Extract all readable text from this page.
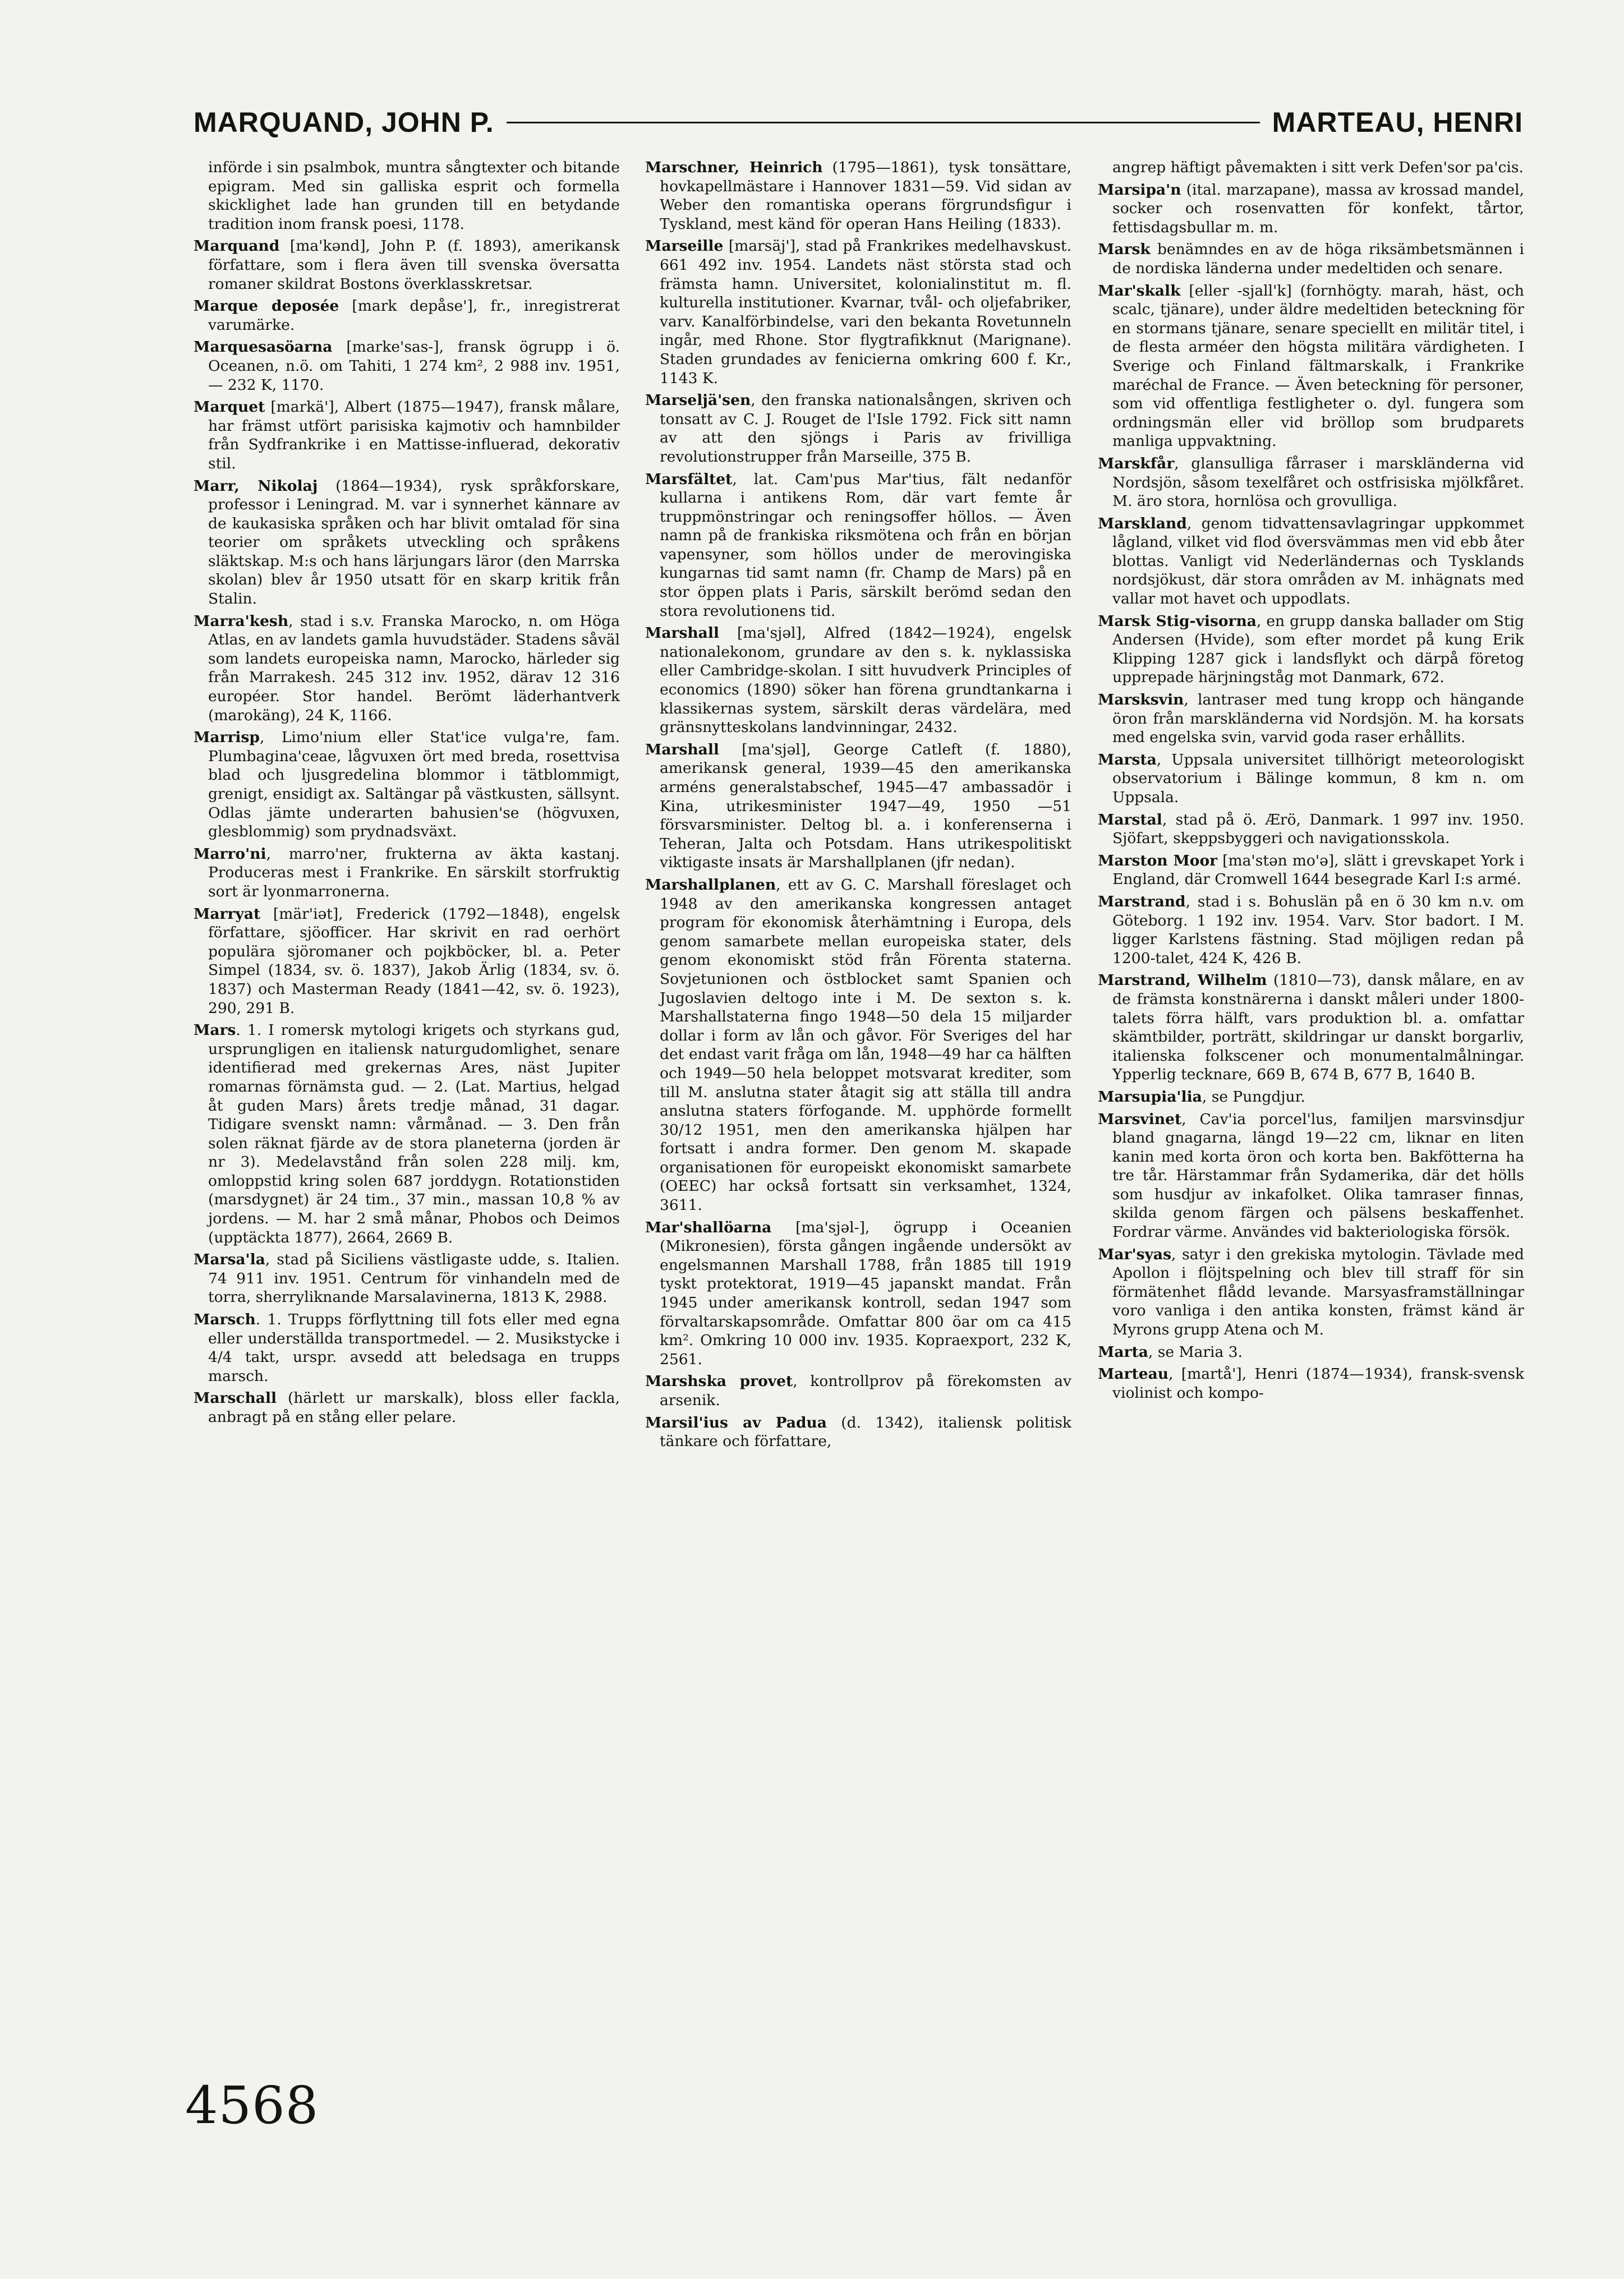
MARQUAND, JOHN P.	MARTEAU, HENRI

införde i sin psalmbok, muntra sångtexter och bitande epigram. Med sin galliska esprit och formella skicklighet lade han grunden till en betydande tradition inom fransk poesi, 1178.

Marquand [ma'kənd], John P. (f. 1893), amerikansk författare, som i flera även till svenska översatta romaner skildrat Bostons överklasskretsar.

Marque deposée [mark depåse'], fr., inregistrerat varumärke.

Marquesasöarna [marke'sas-], fransk ögrupp i ö. Oceanen, n.ö. om Tahiti, 1 274 km², 2 988 inv. 1951, — 232 K, 1170.

Marquet [markä'], Albert (1875—1947), fransk målare, har främst utfört parisiska kajmotiv och hamnbilder från Sydfrankrike i en Mattisse-influerad, dekorativ stil.

Marr, Nikolaj (1864—1934), rysk språkforskare, professor i Leningrad. M. var i synnerhet kännare av de kaukasiska språken och har blivit omtalad för sina teorier om språkets utveckling och språkens släktskap. M:s och hans lärjungars läror (den Marrska skolan) blev år 1950 utsatt för en skarp kritik från Stalin.

Marra'kesh, stad i s.v. Franska Marocko, n. om Höga Atlas, en av landets gamla huvudstäder. Stadens såväl som landets europeiska namn, Marocko, härleder sig från Marrakesh. 245 312 inv. 1952, därav 12 316 européer. Stor handel. Berömt läderhantverk (marokäng), 24 K, 1166.

Marrisp, Limo'nium eller Stat'ice vulga're, fam. Plumbagina'ceae, lågvuxen ört med breda, rosettvisa blad och ljusgredelina blommor i tätblommigt, grenigt, ensidigt ax. Saltängar på västkusten, sällsynt. Odlas jämte underarten bahusien'se (högvuxen, glesblommig) som prydnadsväxt.

Marro'ni, marro'ner, frukterna av äkta kastanj. Produceras mest i Frankrike. En särskilt storfruktig sort är lyonmarronerna.

Marryat [mär'iət], Frederick (1792—1848), engelsk författare, sjöofficer. Har skrivit en rad oerhört populära sjöromaner och pojkböcker, bl. a. Peter Simpel (1834, sv. ö. 1837), Jakob Ärlig (1834, sv. ö. 1837) och Masterman Ready (1841—42, sv. ö. 1923), 290, 291 B.

Mars. 1. I romersk mytologi krigets och styrkans gud, ursprungligen en italiensk naturgudomlighet, senare identifierad med grekernas Ares, näst Jupiter romarnas förnämsta gud. — 2. (Lat. Martius, helgad åt guden Mars) årets tredje månad, 31 dagar. Tidigare svenskt namn: vårmånad. — 3. Den från solen räknat fjärde av de stora planeterna (jorden är nr 3). Medelavstånd från solen 228 milj. km, omloppstid kring solen 687 jorddygn. Rotationstiden (marsdygnet) är 24 tim., 37 min., massan 10,8 % av jordens. — M. har 2 små månar, Phobos och Deimos (upptäckta 1877), 2664, 2669 B.

Marsa'la, stad på Siciliens västligaste udde, s. Italien. 74 911 inv. 1951. Centrum för vinhandeln med de torra, sherryliknande Marsalavinerna, 1813 K, 2988.

Marsch. 1. Trupps förflyttning till fots eller med egna eller underställda transportmedel. — 2. Musikstycke i 4/4 takt, urspr. avsedd att beledsaga en trupps marsch.

Marschall (härlett ur marskalk), bloss eller fackla, anbragt på en stång eller pelare.

Marschner, Heinrich (1795—1861), tysk tonsättare, hovkapellmästare i Hannover 1831—59. Vid sidan av Weber den romantiska operans förgrundsfigur i Tyskland, mest känd för operan Hans Heiling (1833).

Marseille [marsäj'], stad på Frankrikes medelhavskust. 661 492 inv. 1954. Landets näst största stad och främsta hamn. Universitet, kolonialinstitut m. fl. kulturella institutioner. Kvarnar, tvål- och oljefabriker, varv. Kanalförbindelse, vari den bekanta Rovetunneln ingår, med Rhone. Stor flygtrafikknut (Marignane). Staden grundades av fenicierna omkring 600 f. Kr., 1143 K.

Marseljä'sen, den franska nationalsången, skriven och tonsatt av C. J. Rouget de l'Isle 1792. Fick sitt namn av att den sjöngs i Paris av frivilliga revolutionstrupper från Marseille, 375 B.

Marsfältet, lat. Cam'pus Mar'tius, fält nedanför kullarna i antikens Rom, där vart femte år truppmönstringar och reningsoffer höllos. — Även namn på de frankiska riksmötena och från en början vapensyner, som höllos under de merovingiska kungarnas tid samt namn (fr. Champ de Mars) på en stor öppen plats i Paris, särskilt berömd sedan den stora revolutionens tid.

Marshall [ma'sjəl], Alfred (1842—1924), engelsk nationalekonom, grundare av den s. k. nyklassiska eller Cambridge-skolan. I sitt huvudverk Principles of economics (1890) söker han förena grundtankarna i klassikernas system, särskilt deras värdelära, med gränsnytteskolans landvinningar, 2432.

Marshall [ma'sjəl], George Catleft (f. 1880), amerikansk general, 1939—45 den amerikanska arméns generalstabschef, 1945—47 ambassadör i Kina, utrikesminister 1947—49, 1950 —51 försvarsminister. Deltog bl. a. i konferenserna i Teheran, Jalta och Potsdam. Hans utrikespolitiskt viktigaste insats är Marshallplanen (jfr nedan).

Marshallplanen, ett av G. C. Marshall föreslaget och 1948 av den amerikanska kongressen antaget program för ekonomisk återhämtning i Europa, dels genom samarbete mellan europeiska stater, dels genom ekonomiskt stöd från Förenta staterna. Sovjetunionen och östblocket samt Spanien och Jugoslavien deltogo inte i M. De sexton s. k. Marshallstaterna fingo 1948—50 dela 15 miljarder dollar i form av lån och gåvor. För Sveriges del har det endast varit fråga om lån, 1948—49 har ca hälften och 1949—50 hela beloppet motsvarat krediter, som till M. anslutna stater åtagit sig att ställa till andra anslutna staters förfogande. M. upphörde formellt 30/12 1951, men den amerikanska hjälpen har fortsatt i andra former. Den genom M. skapade organisationen för europeiskt ekonomiskt samarbete (OEEC) har också fortsatt sin verksamhet, 1324, 3611.

Mar'shallöarna [ma'sjəl-], ögrupp i Oceanien (Mikronesien), första gången ingående undersökt av engelsmannen Marshall 1788, från 1885 till 1919 tyskt protektorat, 1919—45 japanskt mandat. Från 1945 under amerikansk kontroll, sedan 1947 som förvaltarskapsområde. Omfattar 800 öar om ca 415 km². Omkring 10 000 inv. 1935. Kopraexport, 232 K, 2561.

Marshska provet, kontrollprov på förekomsten av arsenik.

Marsil'ius av Padua (d. 1342), italiensk politisk tänkare och författare,

angrep häftigt påvemakten i sitt verk Defen'sor pa'cis.

Marsipa'n (ital. marzapane), massa av krossad mandel, socker och rosenvatten för konfekt, tårtor, fettisdagsbullar m. m.

Marsk benämndes en av de höga riksämbetsmännen i de nordiska länderna under medeltiden och senare.

Mar'skalk [eller -sjall'k] (fornhögty. marah, häst, och scalc, tjänare), under äldre medeltiden beteckning för en stormans tjänare, senare speciellt en militär titel, i de flesta arméer den högsta militära värdigheten. I Sverige och Finland fältmarskalk, i Frankrike maréchal de France. — Även beteckning för personer, som vid offentliga festligheter o. dyl. fungera som ordningsmän eller vid bröllop som brudparets manliga uppvaktning.

Marskfår, glansulliga fårraser i marskländerna vid Nordsjön, såsom texelfåret och ostfrisiska mjölkfåret. M. äro stora, hornlösa och grovulliga.

Marskland, genom tidvattensavlagringar uppkommet lågland, vilket vid flod översvämmas men vid ebb åter blottas. Vanligt vid Nederländernas och Tysklands nordsjökust, där stora områden av M. inhägnats med vallar mot havet och uppodlats.

Marsk Stig-visorna, en grupp danska ballader om Stig Andersen (Hvide), som efter mordet på kung Erik Klipping 1287 gick i landsflykt och därpå företog upprepade härjningståg mot Danmark, 672.

Marsksvin, lantraser med tung kropp och hängande öron från marskländerna vid Nordsjön. M. ha korsats med engelska svin, varvid goda raser erhållits.

Marsta, Uppsala universitet tillhörigt meteorologiskt observatorium i Bälinge kommun, 8 km n. om Uppsala.

Marstal, stad på ö. Ærö, Danmark. 1 997 inv. 1950. Sjöfart, skeppsbyggeri och navigationsskola.

Marston Moor [ma'stən mo'ə], slätt i grevskapet York i England, där Cromwell 1644 besegrade Karl I:s armé.

Marstrand, stad i s. Bohuslän på en ö 30 km n.v. om Göteborg. 1 192 inv. 1954. Varv. Stor badort. I M. ligger Karlstens fästning. Stad möjligen redan på 1200-talet, 424 K, 426 B.

Marstrand, Wilhelm (1810—73), dansk målare, en av de främsta konstnärerna i danskt måleri under 1800-talets förra hälft, vars produktion bl. a. omfattar skämtbilder, porträtt, skildringar ur danskt borgarliv, italienska folkscener och monumentalmålningar. Ypperlig tecknare, 669 B, 674 B, 677 B, 1640 B.

Marsupia'lia, se Pungdjur.

Marsvinet, Cav'ia porcel'lus, familjen marsvinsdjur bland gnagarna, längd 19—22 cm, liknar en liten kanin med korta öron och korta ben. Bakfötterna ha tre tår. Härstammar från Sydamerika, där det hölls som husdjur av inkafolket. Olika tamraser finnas, skilda genom färgen och pälsens beskaffenhet. Fordrar värme. Användes vid bakteriologiska försök.

Mar'syas, satyr i den grekiska mytologin. Tävlade med Apollon i flöjtspelning och blev till straff för sin förmätenhet flådd levande. Marsyasframställningar voro vanliga i den antika konsten, främst känd är Myrons grupp Atena och M.

Marta, se Maria 3.

Marteau, [martå'], Henri (1874—1934), fransk-svensk violinist och kompo-

4568
